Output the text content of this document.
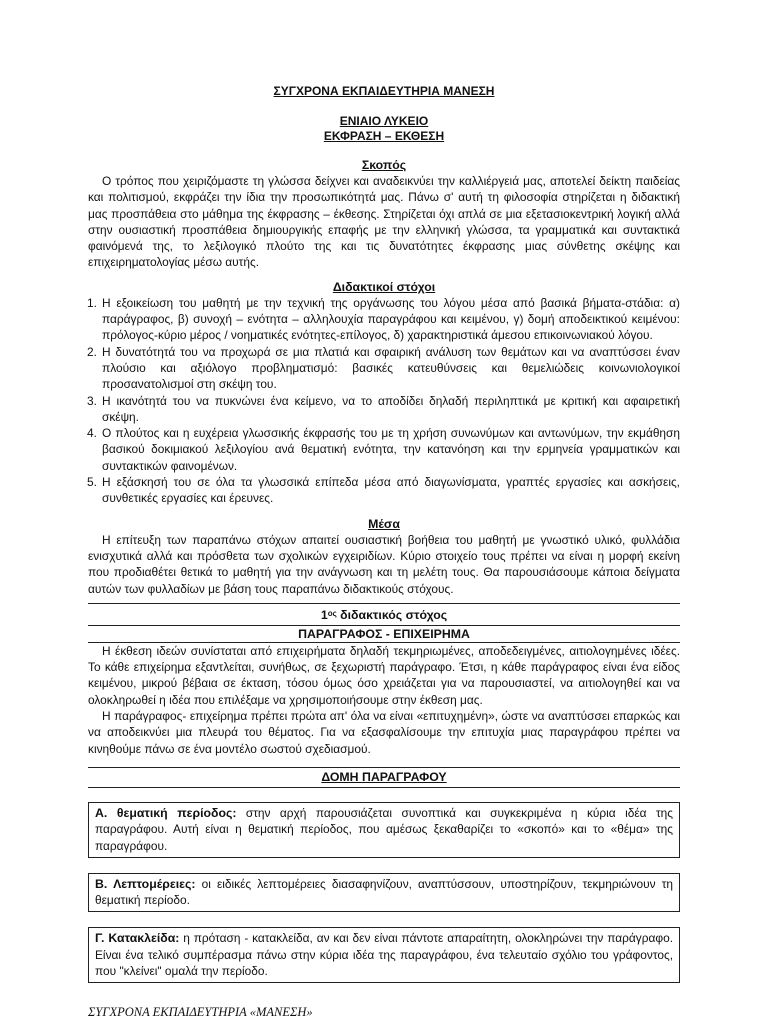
ΣΥΓΧΡΟΝΑ ΕΚΠΑΙΔΕΥΤΗΡΙΑ ΜΑΝΕΣΗ
ΕΝΙΑΙΟ ΛΥΚΕΙΟ
ΕΚΦΡΑΣΗ – ΕΚΘΕΣΗ
Σκοπός

Ο τρόπος που χειριζόμαστε τη γλώσσα δείχνει και αναδεικνύει την καλλιέργειά μας, αποτελεί δείκτη παιδείας και πολιτισμού, εκφράζει την ίδια την προσωπικότητά μας. Πάνω σ' αυτή τη φιλοσοφία στηρίζεται η διδακτική μας προσπάθεια στο μάθημα της έκφρασης – έκθεσης. Στηρίζεται όχι απλά σε μια εξετασιοκεντρική λογική αλλά στην ουσιαστική προσπάθεια δημιουργικής επαφής με την ελληνική γλώσσα, τα γραμματικά και συντακτικά φαινόμενά της, το λεξιλογικό πλούτο της και τις δυνατότητες έκφρασης μιας σύνθετης σκέψης και επιχειρηματολογίας μέσω αυτής.

Διδακτικοί στόχοι
1. Η εξοικείωση του μαθητή με την τεχνική της οργάνωσης του λόγου μέσα από βασικά βήματα-στάδια: α) παράγραφος, β) συνοχή – ενότητα – αλληλουχία παραγράφου και κειμένου, γ) δομή αποδεικτικού κειμένου: πρόλογος-κύριο μέρος / νοηματικές ενότητες-επίλογος, δ) χαρακτηριστικά άμεσου επικοινωνιακού λόγου.
2. Η δυνατότητά του να προχωρά σε μια πλατιά και σφαιρική ανάλυση των θεμάτων και να αναπτύσσει έναν πλούσιο και αξιόλογο προβληματισμό: βασικές κατευθύνσεις και θεμελιώδεις κοινωνιολογικοί προσανατολισμοί στη σκέψη του.
3. Η ικανότητά του να πυκνώνει ένα κείμενο, να το αποδίδει δηλαδή περιληπτικά με κριτική και αφαιρετική σκέψη.
4. Ο πλούτος και η ευχέρεια γλωσσικής έκφρασής του με τη χρήση συνωνύμων και αντωνύμων, την εκμάθηση βασικού δοκιμιακού λεξιλογίου ανά θεματική ενότητα, την κατανόηση και την ερμηνεία γραμματικών και συντακτικών φαινομένων.
5. Η εξάσκησή του σε όλα τα γλωσσικά επίπεδα μέσα από διαγωνίσματα, γραπτές εργασίες και ασκήσεις, συνθετικές εργασίες και έρευνες.
Μέσα

Η επίτευξη των παραπάνω στόχων απαιτεί ουσιαστική βοήθεια του μαθητή με γνωστικό υλικό, φυλλάδια ενισχυτικά αλλά και πρόσθετα των σχολικών εγχειριδίων. Κύριο στοιχείο τους πρέπει να είναι η μορφή εκείνη που προδιαθέτει θετικά το μαθητή για την ανάγνωση και τη μελέτη τους. Θα παρουσιάσουμε κάποια δείγματα αυτών των φυλλαδίων με βάση τους παραπάνω διδακτικούς στόχους.

$1^{o\varsigma}$ διδακτικός στόχος
ΠΑΡΑΓΡΑΦΟΣ - ΕΠΙΧΕΙΡΗΜΑ

Η έκθεση ιδεών συνίσταται από επιχειρήματα δηλαδή τεκμηριωμένες, αποδεδειγμένες, αιτιολογημένες ιδέες. Το κάθε επιχείρημα εξαντλείται, συνήθως, σε ξεχωριστή παράγραφο. Έτσι, η κάθε παράγραφος είναι ένα είδος κειμένου, μικρού βέβαια σε έκταση, τόσου όμως όσο χρειάζεται για να παρουσιαστεί, να αιτιολογηθεί και να ολοκληρωθεί η ιδέα που επιλέξαμε να χρησιμοποιήσουμε στην έκθεση μας.

Η παράγραφος- επιχείρημα πρέπει πρώτα απ' όλα να είναι «επιτυχημένη», ώστε να αναπτύσσει επαρκώς και να αποδεικνύει μια πλευρά του θέματος. Για να εξασφαλίσουμε την επιτυχία μιας παραγράφου πρέπει να κινηθούμε πάνω σε ένα μοντέλο σωστού σχεδιασμού.

ΔΟΜΗ ΠΑΡΑΓΡΑΦΟΥ
Α. θεματική περίοδος: στην αρχή παρουσιάζεται συνοπτικά και συγκεκριμένα η κύρια ιδέα της παραγράφου. Αυτή είναι η θεματική περίοδος, που αμέσως ξεκαθαρίζει το «σκοπό» και το «θέμα» της παραγράφου.
Β. Λεπτομέρειες: οι ειδικές λεπτομέρειες διασαφηνίζουν, αναπτύσσουν, υποστηρίζουν, τεκμηριώνουν τη θεματική περίοδο.
Γ. Κατακλείδα: η πρόταση - κατακλείδα, αν και δεν είναι πάντοτε απαραίτητη, ολοκληρώνει την παράγραφο. Είναι ένα τελικό συμπέρασμα πάνω στην κύρια ιδέα της παραγράφου, ένα τελευταίο σχόλιο του γράφοντος, που "κλείνει" ομαλά την περίοδο.
ΣΥΓΧΡΟΝΑ ΕΚΠΑΙΔΕΥΤΗΡΙΑ «ΜΑΝΕΣΗ»
